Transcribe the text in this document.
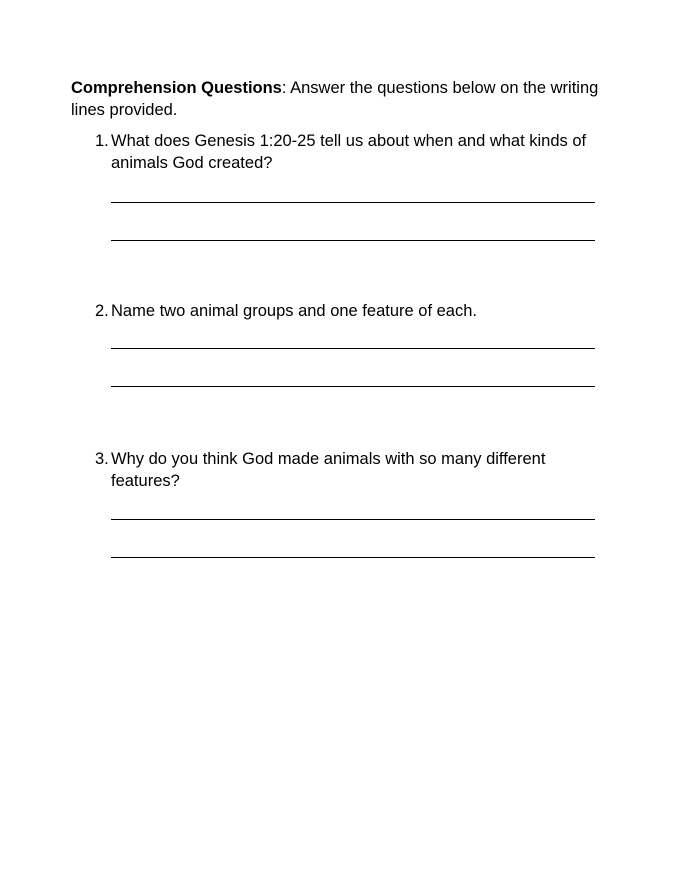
Comprehension Questions: Answer the questions below on the writing lines provided.

1. What does Genesis 1:20-25 tell us about when and what kinds of animals God created?

2. Name two animal groups and one feature of each.

3. Why do you think God made animals with so many different features?
